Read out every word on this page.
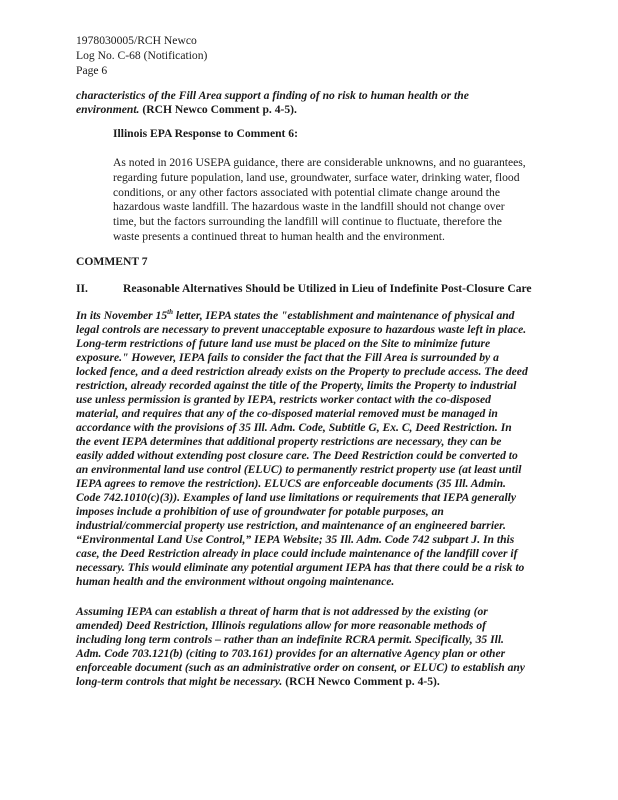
1978030005/RCH Newco
Log No. C-68 (Notification)
Page 6
characteristics of the Fill Area support a finding of no risk to human health or the
environment. (RCH Newco Comment p. 4-5).
Illinois EPA Response to Comment 6:
As noted in 2016 USEPA guidance, there are considerable unknowns, and no guarantees,
regarding future population, land use, groundwater, surface water, drinking water, flood
conditions, or any other factors associated with potential climate change around the
hazardous waste landfill. The hazardous waste in the landfill should not change over
time, but the factors surrounding the landfill will continue to fluctuate, therefore the
waste presents a continued threat to human health and the environment.
COMMENT 7
II.	Reasonable Alternatives Should be Utilized in Lieu of Indefinite Post-Closure Care
In its November 15th letter, IEPA states the "establishment and maintenance of physical and
legal controls are necessary to prevent unacceptable exposure to hazardous waste left in place.
Long-term restrictions of future land use must be placed on the Site to minimize future
exposure." However, IEPA fails to consider the fact that the Fill Area is surrounded by a
locked fence, and a deed restriction already exists on the Property to preclude access. The deed
restriction, already recorded against the title of the Property, limits the Property to industrial
use unless permission is granted by IEPA, restricts worker contact with the co-disposed
material, and requires that any of the co-disposed material removed must be managed in
accordance with the provisions of 35 Ill. Adm. Code, Subtitle G, Ex. C, Deed Restriction. In
the event IEPA determines that additional property restrictions are necessary, they can be
easily added without extending post closure care. The Deed Restriction could be converted to
an environmental land use control (ELUC) to permanently restrict property use (at least until
IEPA agrees to remove the restriction). ELUCS are enforceable documents (35 Ill. Admin.
Code 742.1010(c)(3)). Examples of land use limitations or requirements that IEPA generally
imposes include a prohibition of use of groundwater for potable purposes, an
industrial/commercial property use restriction, and maintenance of an engineered barrier.
“Environmental Land Use Control,” IEPA Website; 35 Ill. Adm. Code 742 subpart J. In this
case, the Deed Restriction already in place could include maintenance of the landfill cover if
necessary. This would eliminate any potential argument IEPA has that there could be a risk to
human health and the environment without ongoing maintenance.
Assuming IEPA can establish a threat of harm that is not addressed by the existing (or
amended) Deed Restriction, Illinois regulations allow for more reasonable methods of
including long term controls – rather than an indefinite RCRA permit. Specifically, 35 Ill.
Adm. Code 703.121(b) (citing to 703.161) provides for an alternative Agency plan or other
enforceable document (such as an administrative order on consent, or ELUC) to establish any
long-term controls that might be necessary. (RCH Newco Comment p. 4-5).
